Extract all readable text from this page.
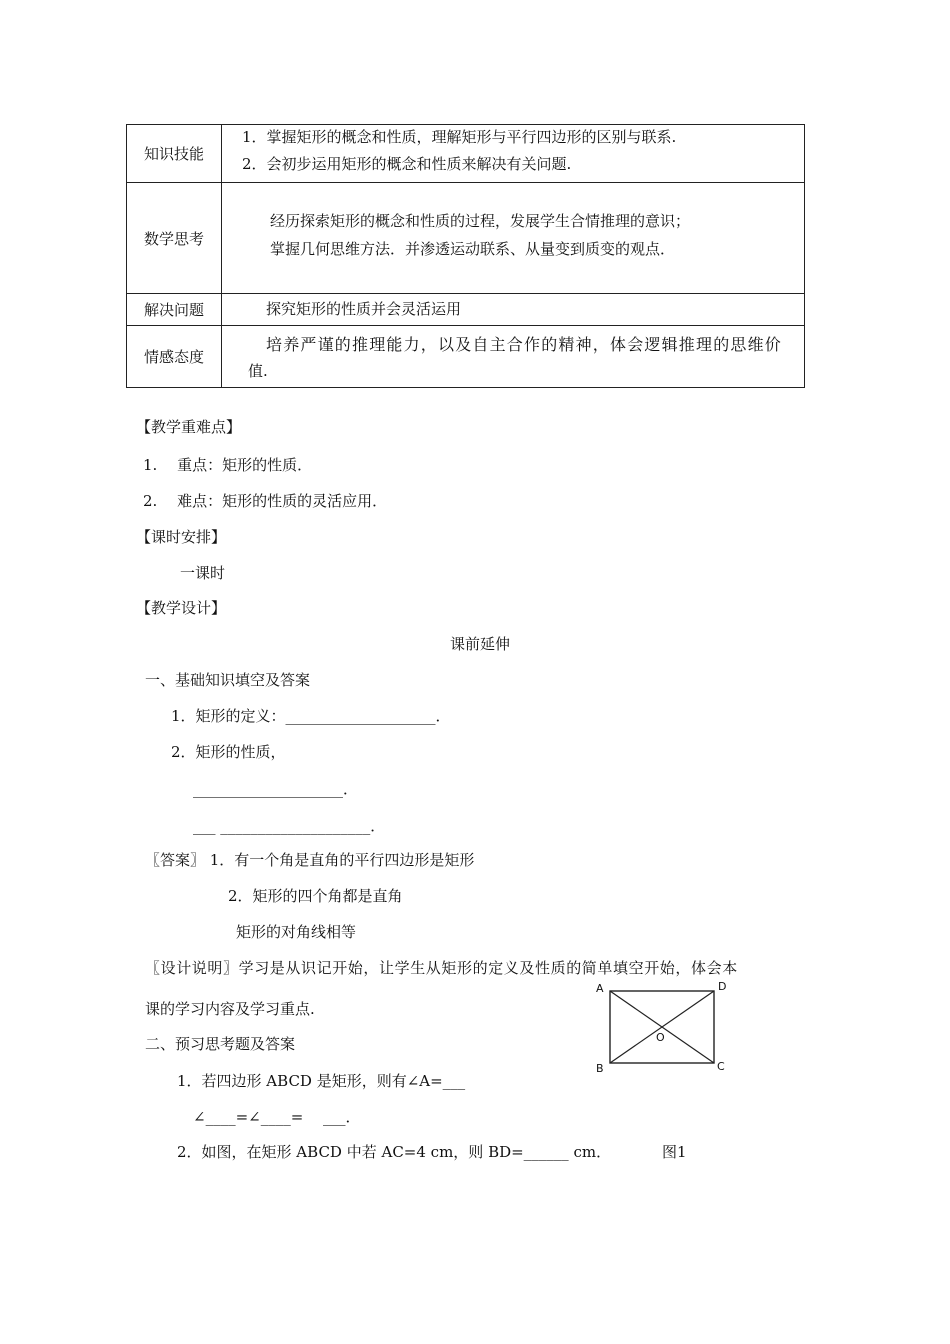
知识技能	1．掌握矩形的概念和性质，理解矩形与平行四边形的区别与联系.
2．会初步运用矩形的概念和性质来解决有关问题.

数学思考	经历探索矩形的概念和性质的过程，发展学生合情推理的意识；
掌握几何思维方法．并渗透运动联系、从量变到质变的观点．

解决问题	探究矩形的性质并会灵活运用

情感态度	培养严谨的推理能力，以及自主合作的精神，体会逻辑推理的思维价
值.
【教学重难点】
1.　 重点：矩形的性质．
2.　 难点：矩形的性质的灵活应用．
【课时安排】
一课时
【教学设计】
课前延伸
一、基础知识填空及答案
1．矩形的定义：____________________．
2．矩形的性质，
____________________．
___ ____________________．
〖答案〗 1．有一个角是直角的平行四边形是矩形
2．矩形的四个角都是直角
矩形的对角线相等
〖设计说明〗学习是从识记开始，让学生从矩形的定义及性质的简单填空开始，体会本
课的学习内容及学习重点.
二、预习思考题及答案
1．若四边形 ABCD 是矩形，则有∠A=___
∠____=∠____=　 ___．
2．如图，在矩形 ABCD 中若 AC=4 cm，则 BD=______ cm．
A	D
B	C
O
图1
